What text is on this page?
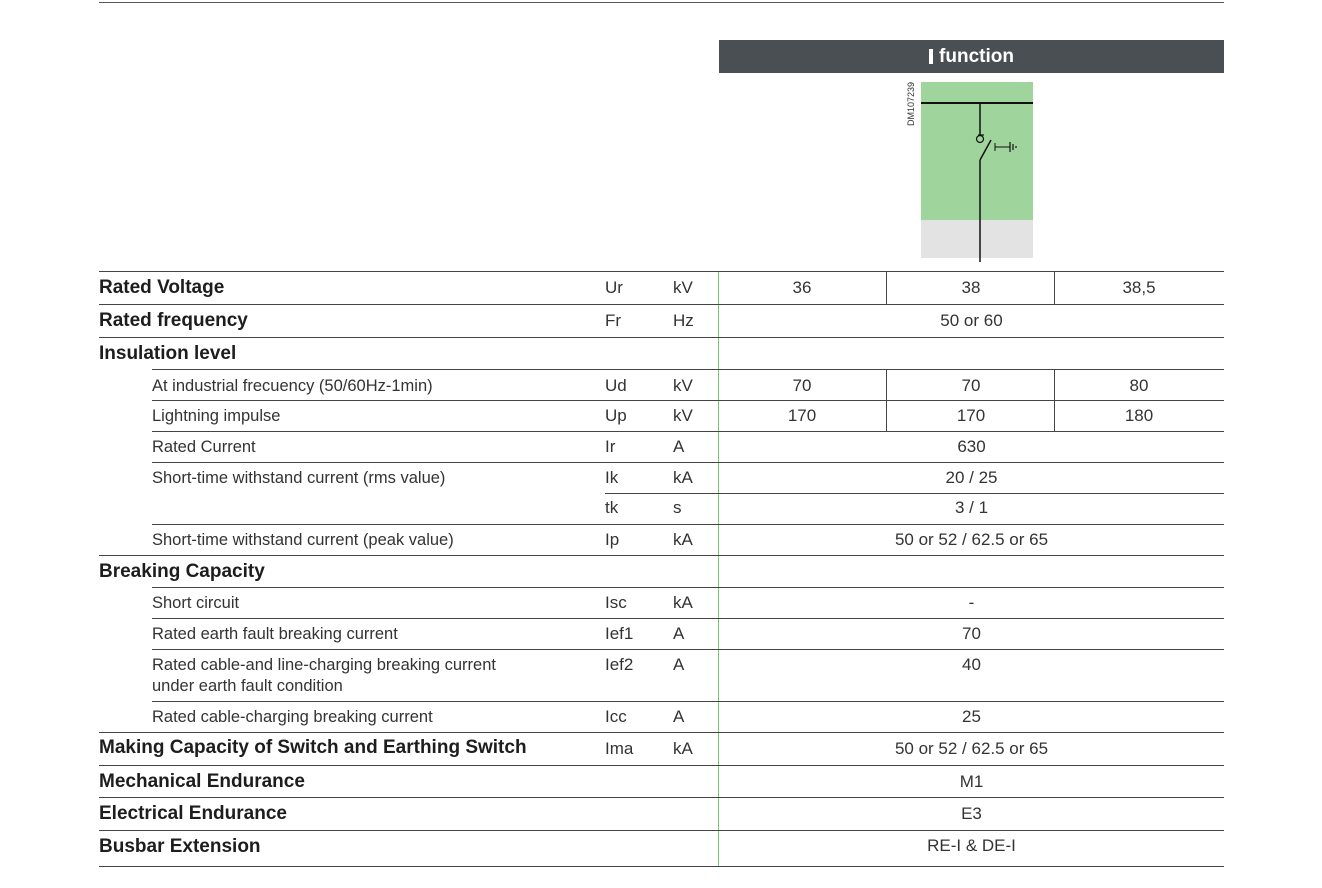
function
DM107239
Rated Voltage	Ur	kV	36	38	38,5
Rated frequency	Fr	Hz	50 or 60
Insulation level
At industrial frecuency (50/60Hz-1min)	Ud	kV	70	70	80
Lightning impulse	Up	kV	170	170	180
Rated Current	Ir	A	630
Short-time withstand current (rms value)	Ik	kA	20 / 25
tk	s	3 / 1
Short-time withstand current (peak value)	Ip	kA	50 or 52 / 62.5 or 65
Breaking Capacity
Short circuit	Isc	kA	-
Rated earth fault breaking current	Ief1 A	70
Rated cable-and line-charging breaking current
under earth fault condition
Ief2 A	40
Rated cable-charging breaking current	Icc	A	25
Making Capacity of Switch and Earthing Switch	Ima kA	50 or 52 / 62.5 or 65
Mechanical Endurance	M1
Electrical Endurance	E3
Busbar Extension	RE-I & DE-I
